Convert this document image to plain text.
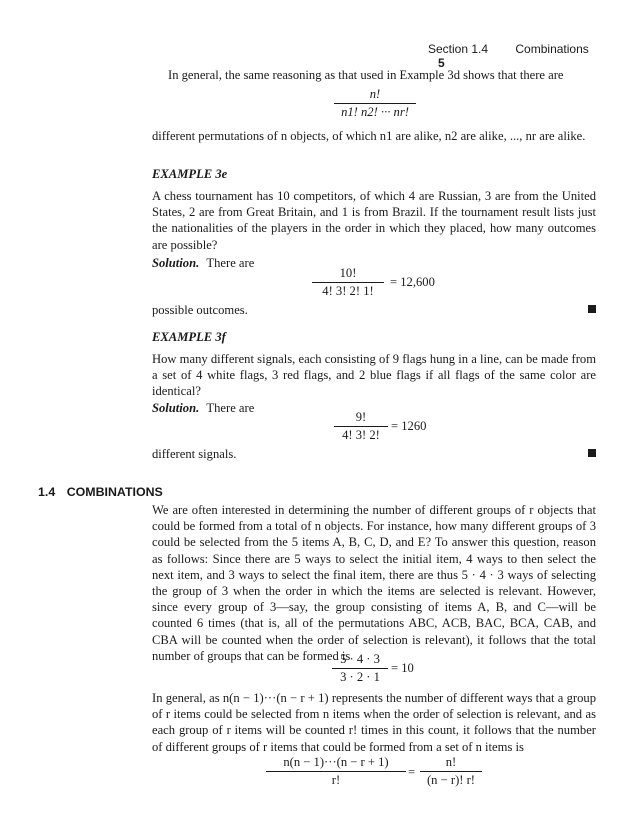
Section 1.4 Combinations 5
In general, the same reasoning as that used in Example 3d shows that there are
$\frac{n!}{n1! n2! \cdot\cdot\cdot nr!}$
different permutations of n objects, of which n1 are alike, n2 are alike, ..., nr are alike.
EXAMPLE 3e
A chess tournament has 10 competitors, of which 4 are Russian, 3 are from the United States, 2 are from Great Britain, and 1 is from Brazil. If the tournament result lists just the nationalities of the players in the order in which they placed, how many outcomes are possible?
Solution. There are
$\frac{10!}{4! 3! 2! 1!} = 12,600$
possible outcomes.
EXAMPLE 3f
How many different signals, each consisting of 9 flags hung in a line, can be made from a set of 4 white flags, 3 red flags, and 2 blue flags if all flags of the same color are identical?
Solution. There are
$\frac{9!}{4! 3! 2!} = 1260$
different signals.
1.4 COMBINATIONS
We are often interested in determining the number of different groups of r objects that could be formed from a total of n objects. For instance, how many different groups of 3 could be selected from the 5 items A, B, C, D, and E? To answer this question, reason as follows: Since there are 5 ways to select the initial item, 4 ways to then select the next item, and 3 ways to select the final item, there are thus 5 · 4 · 3 ways of selecting the group of 3 when the order in which the items are selected is relevant. However, since every group of 3—say, the group consisting of items A, B, and C—will be counted 6 times (that is, all of the permutations ABC, ACB, BAC, BCA, CAB, and CBA will be counted when the order of selection is relevant), it follows that the total number of groups that can be formed is
$\frac{5 \cdot 4 \cdot 3}{3 \cdot 2 \cdot 1} = 10$
In general, as n(n − 1)···(n − r + 1) represents the number of different ways that a group of r items could be selected from n items when the order of selection is relevant, and as each group of r items will be counted r! times in this count, it follows that the number of different groups of r items that could be formed from a set of n items is
$\frac{n(n - 1)\cdot\cdot\cdot(n - r + 1)}{r!} = \frac{n!}{(n - r)! r!}$
